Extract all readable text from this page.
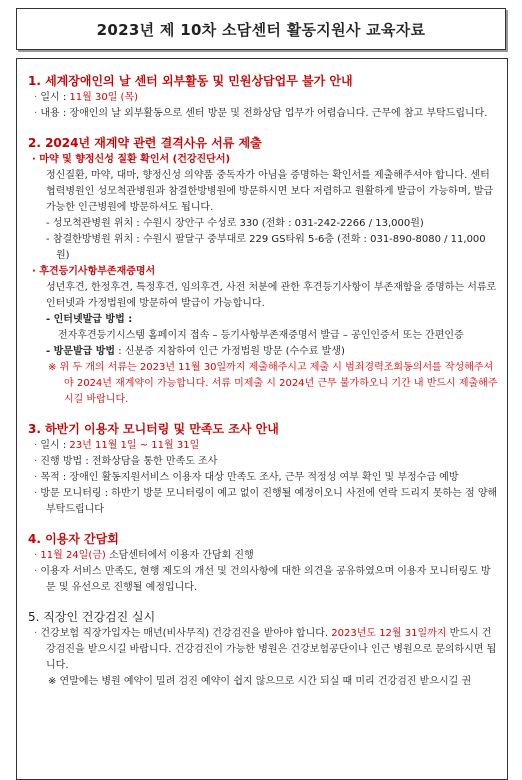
2023년 제 10차 소담센터 활동지원사 교육자료

1. 세계장애인의 날 센터 외부활동 및 민원상담업무 불가 안내

· 일시 : 11월 30일 (목)

· 내용 : 장애인의 날 외부활동으로 센터 방문 및 전화상담 업무가 어렵습니다. 근무에 참고 부탁드립니다.

2. 2024년 재계약 관련 결격사유 서류 제출

· 마약 및 향정신성 질환 확인서 (건강진단서)

정신질환, 마약, 대마, 향정신성 의약품 중독자가 아님을 증명하는 확인서를 제출해주셔야 합니다. 센터 협력병원인 성모척관병원과 참결한방병원에 방문하시면 보다 저렴하고 원활하게 발급이 가능하며, 발급가능한 인근병원에 방문하셔도 됩니다.

- 성모척관병원 위치 : 수원시 장안구 수성로 330 (전화 : 031-242-2266 / 13,000원)

- 참결한방병원 위치 : 수원시 팔달구 중부대로 229 GS타워 5-6층 (전화 : 031-890-8080 / 11,000원)

· 후견등기사항부존재증명서

성년후견, 한정후견, 특정후견, 임의후견, 사전 처분에 관한 후견등기사항이 부존재함을 증명하는 서류로 인터넷과 가정법원에 방문하여 발급이 가능합니다.

- 인터넷발급 방법 :

전자후견등기시스템 홈페이지 접속 – 등기사항부존재증명서 발급 – 공인인증서 또는 간편인증

- 방문발급 방법 : 신분증 지참하여 인근 가정법원 방문 (수수료 발생)

※ 위 두 개의 서류는 2023년 11월 30일까지 제출해주시고 제출 시 범죄경력조회동의서를 작성해주셔야 2024년 재계약이 가능합니다. 서류 미제출 시 2024년 근무 불가하오니 기간 내 반드시 제출해주시길 바랍니다.

3. 하반기 이용자 모니터링 및 만족도 조사 안내

· 일시 : 23년 11월 1일 ~ 11월 31일

· 진행 방법 : 전화상담을 통한 만족도 조사

· 목적 : 장애인 활동지원서비스 이용자 대상 만족도 조사, 근무 적정성 여부 확인 및 부정수급 예방

· 방문 모니터링 : 하반기 방문 모니터링이 예고 없이 진행될 예정이오니 사전에 연락 드리지 못하는 점 양해 부탁드립니다

4. 이용자 간담회

· 11월 24일(금) 소담센터에서 이용자 간담회 진행

· 이용자 서비스 만족도, 현행 제도의 개선 및 건의사항에 대한 의견을 공유하였으며 이용자 모니터링도 방문 및 유선으로 진행될 예정입니다.

5. 직장인 건강검진 실시

· 건강보험 직장가입자는 매년(비사무직) 건강검진을 받아야 합니다. 2023년도 12월 31일까지 반드시 건강검진을 받으시길 바랍니다. 건강검진이 가능한 병원은 건강보험공단이나 인근 병원으로 문의하시면 됩니다.

※ 연말에는 병원 예약이 밀려 검진 예약이 쉽지 않으므로 시간 되실 때 미리 건강검진 받으시길 권
